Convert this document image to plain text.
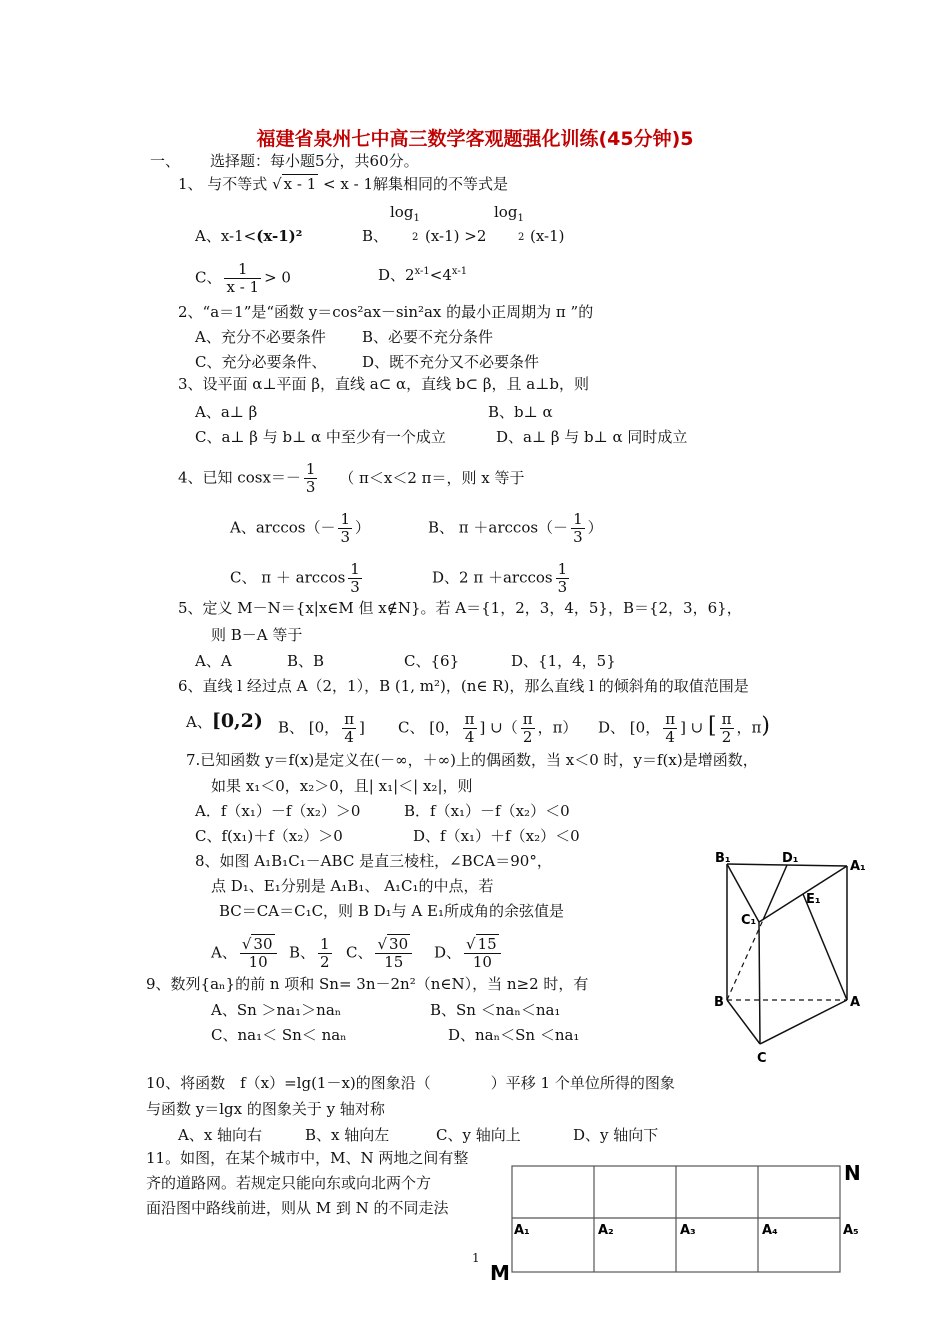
福建省泉州七中高三数学客观题强化训练(45分钟)5
一、 选择题：每小题5分，共60分。
1、 与不等式 √ x - 1 < x - 1解集相同的不等式是
$\log_1$	$\log_1$
A、x-1<(x-1)²	B、 2 (x-1) >2	2 (x-1)
C、 $\frac{1}{x - 1} > 0$	D、$2^{x-1}<4^{x-1}$
2、“a＝1”是“函数 y＝cos²ax－sin²ax 的最小正周期为 π ”的
A、充分不必要条件 B、必要不充分条件
C、充分必要条件、 D、既不充分又不必要条件
3、设平面 α⊥平面 β，直线 a⊂ α，直线 b⊂ β，且 a⊥b，则
A、a⊥ β	B、b⊥ α
C、a⊥ β 与 b⊥ α 中至少有一个成立	D、a⊥ β 与 b⊥ α 同时成立
4、已知 $\cos x=- \frac{1}{3}$ （ π＜x＜2 π＝，则 x 等于
A、$\arccos(- \frac{1}{3}$ ）	B、 $\pi +\arccos(- \frac{1}{3}$ ）
C、 $\pi + \arccos \frac{1}{3}$	D、2 $\pi +\arccos \frac{1}{3}$
5、定义 M－N＝{x|x∈M 但 x∉N}。若 A＝{1，2，3，4，5}，B＝{2，3，6}，
则 B－A 等于
A、A	B、B	C、{6}	D、{1，4，5}
6、直线 l 经过点 A（2，1），B (1, m²)，(n∈ R)，那么直线 l 的倾斜角的取值范围是
A、[0,2) B、 [0， $\frac{\pi}{4}$ ] C、 [0， $\frac{\pi}{4}$ ] ∪（ $\frac{\pi}{2}$ ，π） D、 [0， $\frac{\pi}{4}$ ] ∪ [ $\frac{\pi}{2}$ ，π)
7.已知函数 y＝f(x)是定义在(－∞，＋∞)上的偶函数，当 x＜0 时，y＝f(x)是增函数，
如果 x₁＜0，x₂＞0，且| x₁|＜| x₂|，则
A．f（x₁）－f（x₂）＞0	B．f（x₁）－f（x₂）＜0
C、f(x₁)＋f（x₂）＞0	D、f（x₁）＋f（x₂）＜0
8、如图 A₁B₁C₁－ABC 是直三棱柱，∠BCA＝90°，
点 D₁、E₁分别是 A₁B₁、 A₁C₁的中点，若
BC＝CA＝C₁C，则 B D₁与 A E₁所成角的余弦值是
A、 $\frac{√ 30}{10}$ B、 $\frac{1}{2}$ C、 $\frac{√ 30}{15}$ D、 $\frac{√ 15}{10}$
9、数列{aₙ}的前 n 项和 Sn= 3n－2n²（n∈N），当 n≥2 时，有
A、Sn ＞na₁＞naₙ	B、Sn ＜naₙ＜na₁
C、na₁＜ Sn＜ naₙ	D、naₙ＜Sn ＜na₁
10、将函数　f（x）=lg(1－x)的图象沿（　　　　）平移 1 个单位所得的图象
与函数 y＝lgx 的图象关于 y 轴对称
A、x 轴向右	B、x 轴向左	C、y 轴向上	D、y 轴向下
11。如图，在某个城市中，M、N 两地之间有整
齐的道路网。若规定只能向东或向北两个方
面沿图中路线前进，则从 M 到 N 的不同走法
B₁	D₁
A₁
E₁
C₁
B	A
C
N
M
A₁	A₂	A₃	A₄	A₅
1
